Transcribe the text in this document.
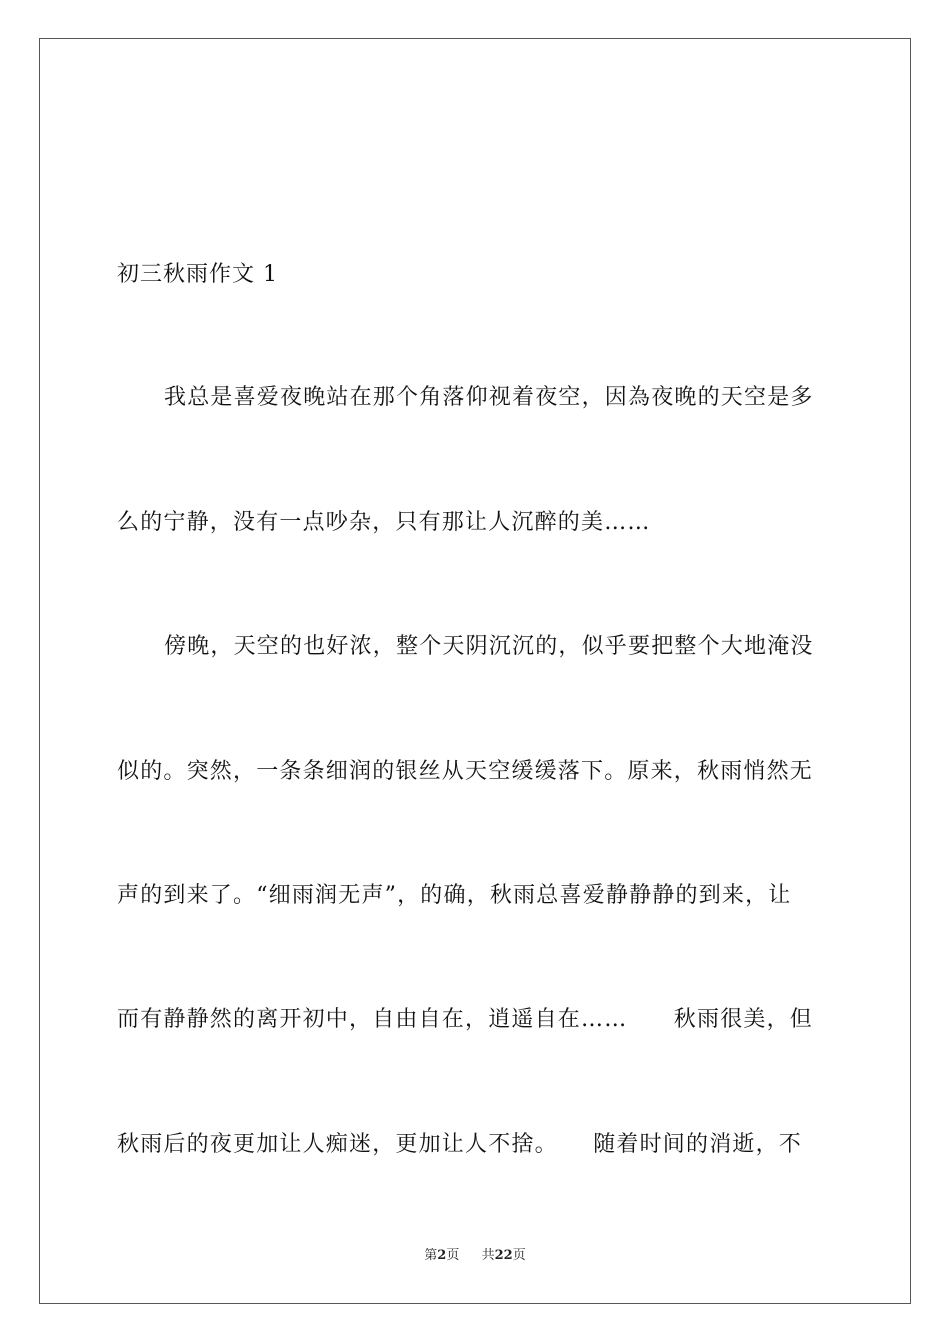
初三秋雨作文 1
我总是喜爱夜晚站在那个角落仰视着夜空，因為夜晚的天空是多
么的宁静，没有一点吵杂，只有那让人沉醉的美……
傍晚，天空的也好浓，整个天阴沉沉的，似乎要把整个大地淹没
似的。突然，一条条细润的银丝从天空缓缓落下。原来，秋雨悄然无
声的到来了。“细雨润无声”，的确，秋雨总喜爱静静静的到来，让
而有静静然的离开初中，自由自在，逍遥自在……　　秋雨很美，但
秋雨后的夜更加让人痴迷，更加让人不捨。　　随着时间的消逝，不
第2页 共22页
